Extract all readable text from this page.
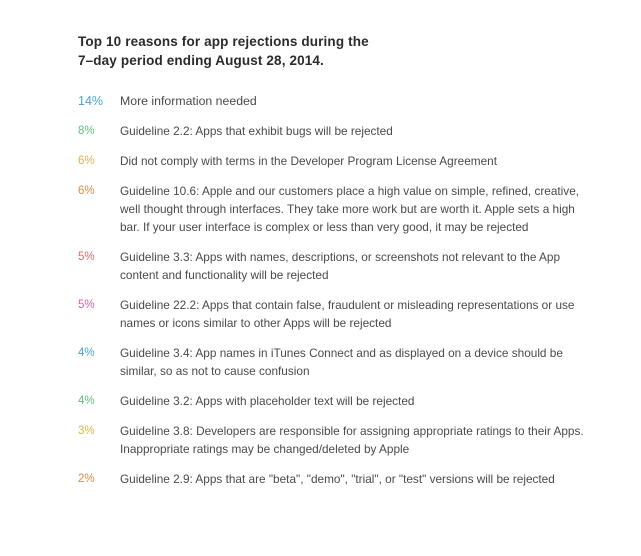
Top 10 reasons for app rejections during the
7–day period ending August 28, 2014.
14%	More information needed
8%	Guideline 2.2: Apps that exhibit bugs will be rejected
6%	Did not comply with terms in the Developer Program License Agreement
6%	Guideline 10.6: Apple and our customers place a high value on simple, refined, creative, well thought through interfaces. They take more work but are worth it. Apple sets a high bar. If your user interface is complex or less than very good, it may be rejected
5%	Guideline 3.3: Apps with names, descriptions, or screenshots not relevant to the App content and functionality will be rejected
5%	Guideline 22.2: Apps that contain false, fraudulent or misleading representations or use names or icons similar to other Apps will be rejected
4%	Guideline 3.4: App names in iTunes Connect and as displayed on a device should be similar, so as not to cause confusion
4%	Guideline 3.2: Apps with placeholder text will be rejected
3%	Guideline 3.8: Developers are responsible for assigning appropriate ratings to their Apps. Inappropriate ratings may be changed/deleted by Apple
2%	Guideline 2.9: Apps that are "beta", "demo", "trial", or "test" versions will be rejected
